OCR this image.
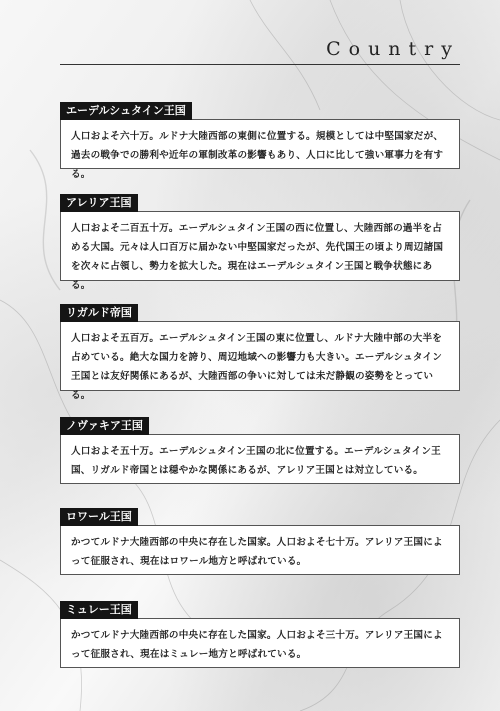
Country
エーデルシュタイン王国
人口およそ六十万。ルドナ大陸西部の東側に位置する。規模としては中堅国家だが、過去の戦争での勝利や近年の軍制改革の影響もあり、人口に比して強い軍事力を有する。
アレリア王国
人口およそ二百五十万。エーデルシュタイン王国の西に位置し、大陸西部の過半を占める大国。元々は人口百万に届かない中堅国家だったが、先代国王の頃より周辺諸国を次々に占領し、勢力を拡大した。現在はエーデルシュタイン王国と戦争状態にある。
リガルド帝国
人口およそ五百万。エーデルシュタイン王国の東に位置し、ルドナ大陸中部の大半を占めている。絶大な国力を誇り、周辺地域への影響力も大きい。エーデルシュタイン王国とは友好関係にあるが、大陸西部の争いに対しては未だ静観の姿勢をとっている。
ノヴァキア王国
人口およそ五十万。エーデルシュタイン王国の北に位置する。エーデルシュタイン王国、リガルド帝国とは穏やかな関係にあるが、アレリア王国とは対立している。
ロワール王国
かつてルドナ大陸西部の中央に存在した国家。人口およそ七十万。アレリア王国によって征服され、現在はロワール地方と呼ばれている。
ミュレー王国
かつてルドナ大陸西部の中央に存在した国家。人口およそ三十万。アレリア王国によって征服され、現在はミュレー地方と呼ばれている。
